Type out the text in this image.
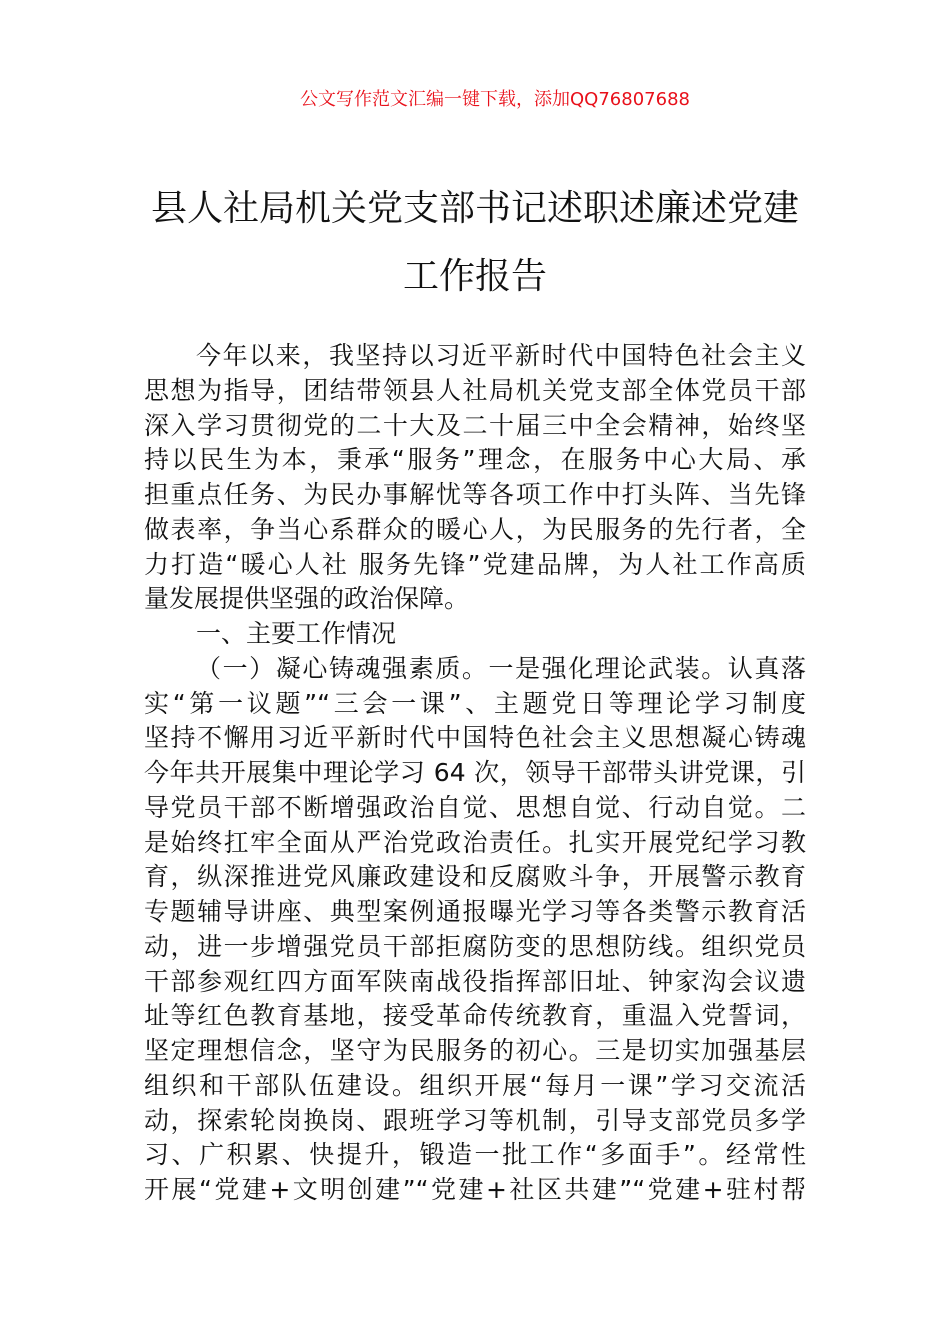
公文写作范文汇编一键下载，添加QQ76807688
县人社局机关党支部书记述职述廉述党建
工作报告
今年以来，我坚持以习近平新时代中国特色社会主义
思想为指导，团结带领县人社局机关党支部全体党员干部
深入学习贯彻党的二十大及二十届三中全会精神，始终坚
持以民生为本，秉承“服务”理念，在服务中心大局、承
担重点任务、为民办事解忧等各项工作中打头阵、当先锋
做表率，争当心系群众的暖心人，为民服务的先行者，全
力打造“暖心人社 服务先锋”党建品牌，为人社工作高质
量发展提供坚强的政治保障。
一、主要工作情况
（一）凝心铸魂强素质。一是强化理论武装。认真落
实“第一议题”“三会一课”、主题党日等理论学习制度
坚持不懈用习近平新时代中国特色社会主义思想凝心铸魂
今年共开展集中理论学习 64 次，领导干部带头讲党课，引
导党员干部不断增强政治自觉、思想自觉、行动自觉。二
是始终扛牢全面从严治党政治责任。扎实开展党纪学习教
育，纵深推进党风廉政建设和反腐败斗争，开展警示教育
专题辅导讲座、典型案例通报曝光学习等各类警示教育活
动，进一步增强党员干部拒腐防变的思想防线。组织党员
干部参观红四方面军陕南战役指挥部旧址、钟家沟会议遗
址等红色教育基地，接受革命传统教育，重温入党誓词，
坚定理想信念，坚守为民服务的初心。三是切实加强基层
组织和干部队伍建设。组织开展“每月一课”学习交流活
动，探索轮岗换岗、跟班学习等机制，引导支部党员多学
习、广积累、快提升，锻造一批工作“多面手”。经常性
开展“党建+文明创建”“党建+社区共建”“党建+驻村帮
